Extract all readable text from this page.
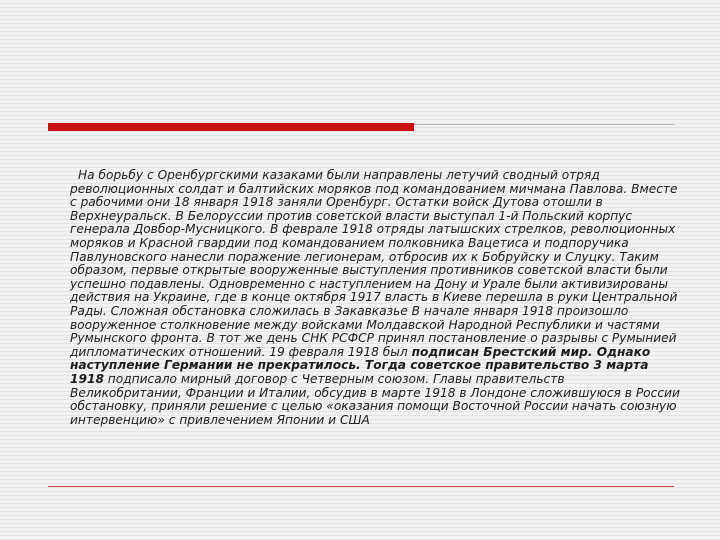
На борьбу с Оренбургскими казаками были направлены летучий сводный отряд революционных солдат и балтийских моряков под командованием мичмана Павлова. Вместе с рабочими они 18 января 1918 заняли Оренбург. Остатки войск Дутова отошли в Верхнеуральск. В Белоруссии против советской власти выступал 1-й Польский корпус генерала Довбор-Мусницкого. В феврале 1918 отряды латышских стрелков, революционных моряков и Красной гвардии под командованием полковника Вацетиса и подпоручика Павлуновского нанесли поражение легионерам, отбросив их к Бобруйску и Слуцку. Таким образом, первые открытые вооруженные выступления противников советской власти были успешно подавлены. Одновременно с наступлением на Дону и Урале были активизированы действия на Украине, где в конце октября 1917 власть в Киеве перешла в руки Центральной Рады. Сложная обстановка сложилась в Закавказье В начале января 1918 произошло вооруженное столкновение между войсками Молдавской Народной Республики и частями Румынского фронта. В тот же день СНК РСФСР принял постановление о разрывы с Румынией дипломатических отношений. 19 февраля 1918 был подписан Брестский мир. Однако наступление Германии не прекратилось. Тогда советское правительство 3 марта 1918 подписало мирный договор с Четверным союзом. Главы правительств Великобритании, Франции и Италии, обсудив в марте 1918 в Лондоне сложившуюся в России обстановку, приняли решение с целью «оказания помощи Восточной России начать союзную интервенцию» с привлечением Японии и США
